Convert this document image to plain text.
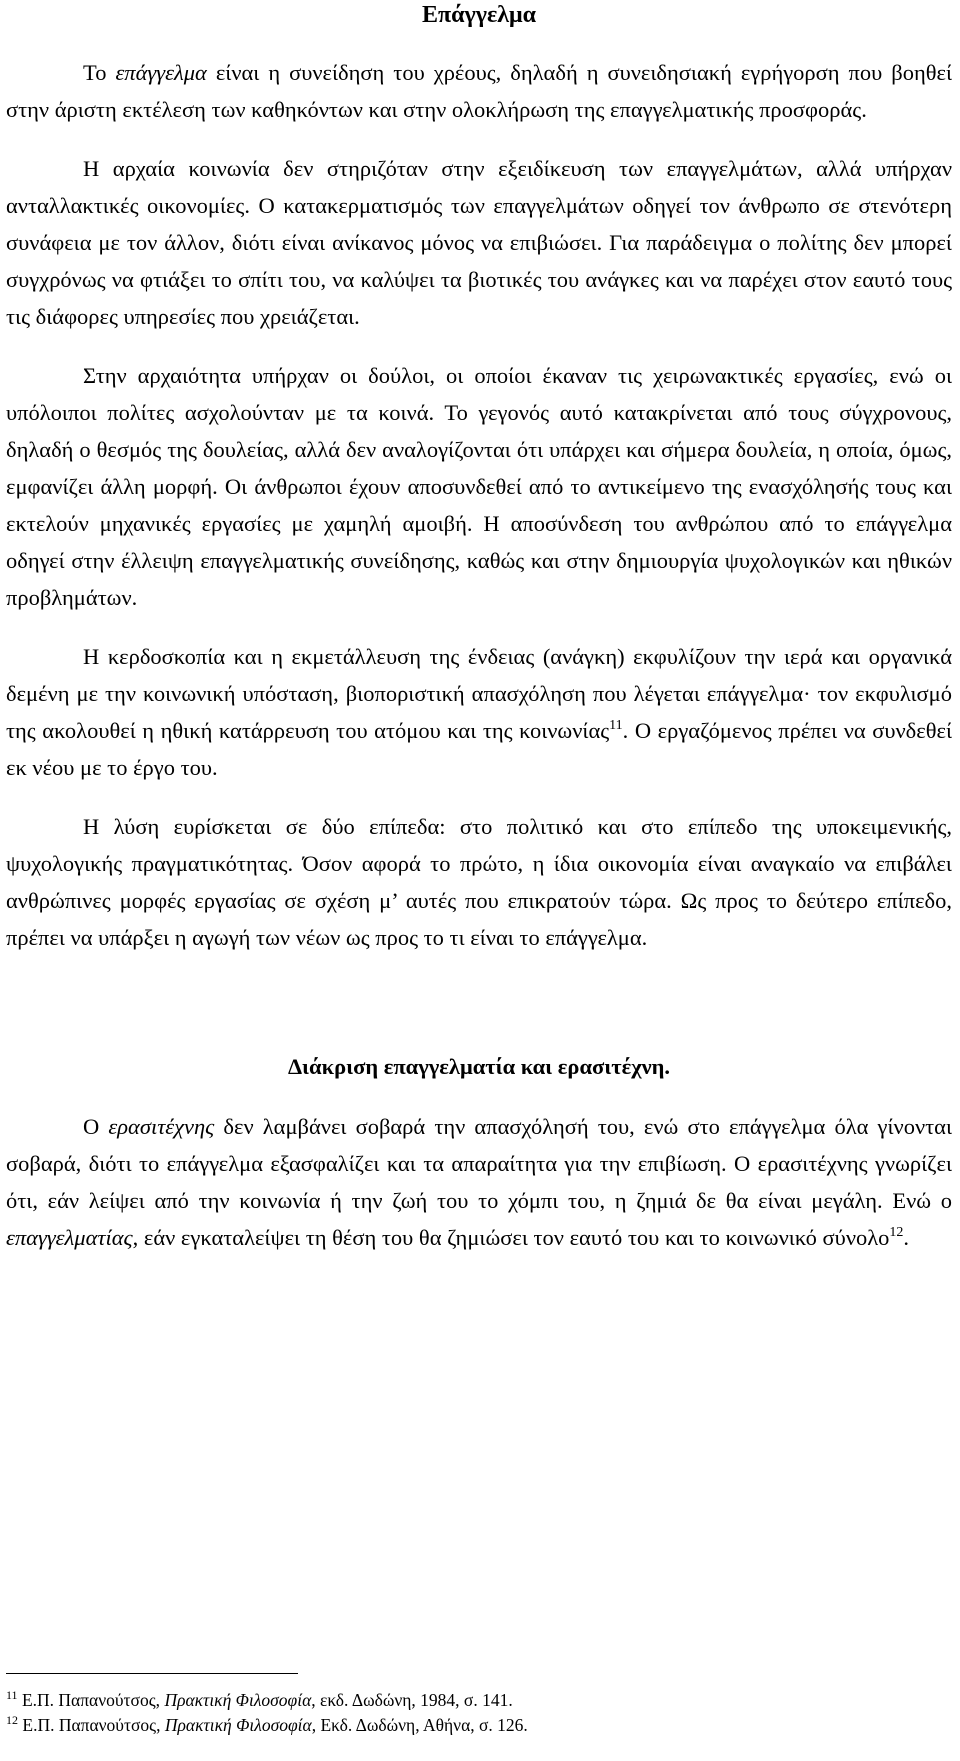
Επάγγελμα

Το επάγγελμα είναι η συνείδηση του χρέους, δηλαδή η συνειδησιακή εγρήγορση που βοηθεί στην άριστη εκτέλεση των καθηκόντων και στην ολοκλήρωση της επαγγελματικής προσφοράς.

Η αρχαία κοινωνία δεν στηριζόταν στην εξειδίκευση των επαγγελμάτων, αλλά υπήρχαν ανταλλακτικές οικονομίες. Ο κατακερματισμός των επαγγελμάτων οδηγεί τον άνθρωπο σε στενότερη συνάφεια με τον άλλον, διότι είναι ανίκανος μόνος να επιβιώσει. Για παράδειγμα ο πολίτης δεν μπορεί συγχρόνως να φτιάξει το σπίτι του, να καλύψει τα βιοτικές του ανάγκες και να παρέχει στον εαυτό τους τις διάφορες υπηρεσίες που χρειάζεται.

Στην αρχαιότητα υπήρχαν οι δούλοι, οι οποίοι έκαναν τις χειρωνακτικές εργασίες, ενώ οι υπόλοιποι πολίτες ασχολούνταν με τα κοινά. Το γεγονός αυτό κατακρίνεται από τους σύγχρονους, δηλαδή ο θεσμός της δουλείας, αλλά δεν αναλογίζονται ότι υπάρχει και σήμερα δουλεία, η οποία, όμως, εμφανίζει άλλη μορφή. Οι άνθρωποι έχουν αποσυνδεθεί από το αντικείμενο της ενασχόλησής τους και εκτελούν μηχανικές εργασίες με χαμηλή αμοιβή. Η αποσύνδεση του ανθρώπου από το επάγγελμα οδηγεί στην έλλειψη επαγγελματικής συνείδησης, καθώς και στην δημιουργία ψυχολογικών και ηθικών προβλημάτων.

Η κερδοσκοπία και η εκμετάλλευση της ένδειας (ανάγκη) εκφυλίζουν την ιερά και οργανικά δεμένη με την κοινωνική υπόσταση, βιοποριστική απασχόληση που λέγεται επάγγελμα· τον εκφυλισμό της ακολουθεί η ηθική κατάρρευση του ατόμου και της κοινωνίας$^{11}$. Ο εργαζόμενος πρέπει να συνδεθεί εκ νέου με το έργο του.

Η λύση ευρίσκεται σε δύο επίπεδα: στο πολιτικό και στο επίπεδο της υποκειμενικής, ψυχολογικής πραγματικότητας. Όσον αφορά το πρώτο, η ίδια οικονομία είναι αναγκαίο να επιβάλει ανθρώπινες μορφές εργασίας σε σχέση μ’ αυτές που επικρατούν τώρα. Ως προς το δεύτερο επίπεδο, πρέπει να υπάρξει η αγωγή των νέων ως προς το τι είναι το επάγγελμα.

Διάκριση επαγγελματία και ερασιτέχνη.

Ο ερασιτέχνης δεν λαμβάνει σοβαρά την απασχόλησή του, ενώ στο επάγγελμα όλα γίνονται σοβαρά, διότι το επάγγελμα εξασφαλίζει και τα απαραίτητα για την επιβίωση. Ο ερασιτέχνης γνωρίζει ότι, εάν λείψει από την κοινωνία ή την ζωή του το χόμπι του, η ζημιά δε θα είναι μεγάλη. Ενώ ο επαγγελματίας, εάν εγκαταλείψει τη θέση του θα ζημιώσει τον εαυτό του και το κοινωνικό σύνολο$^{12}$.

$^{11}$ Ε.Π. Παπανούτσος, Πρακτική Φιλοσοφία, εκδ. Δωδώνη, 1984, σ. 141.
$^{12}$ Ε.Π. Παπανούτσος, Πρακτική Φιλοσοφία, Εκδ. Δωδώνη, Αθήνα, σ. 126.
